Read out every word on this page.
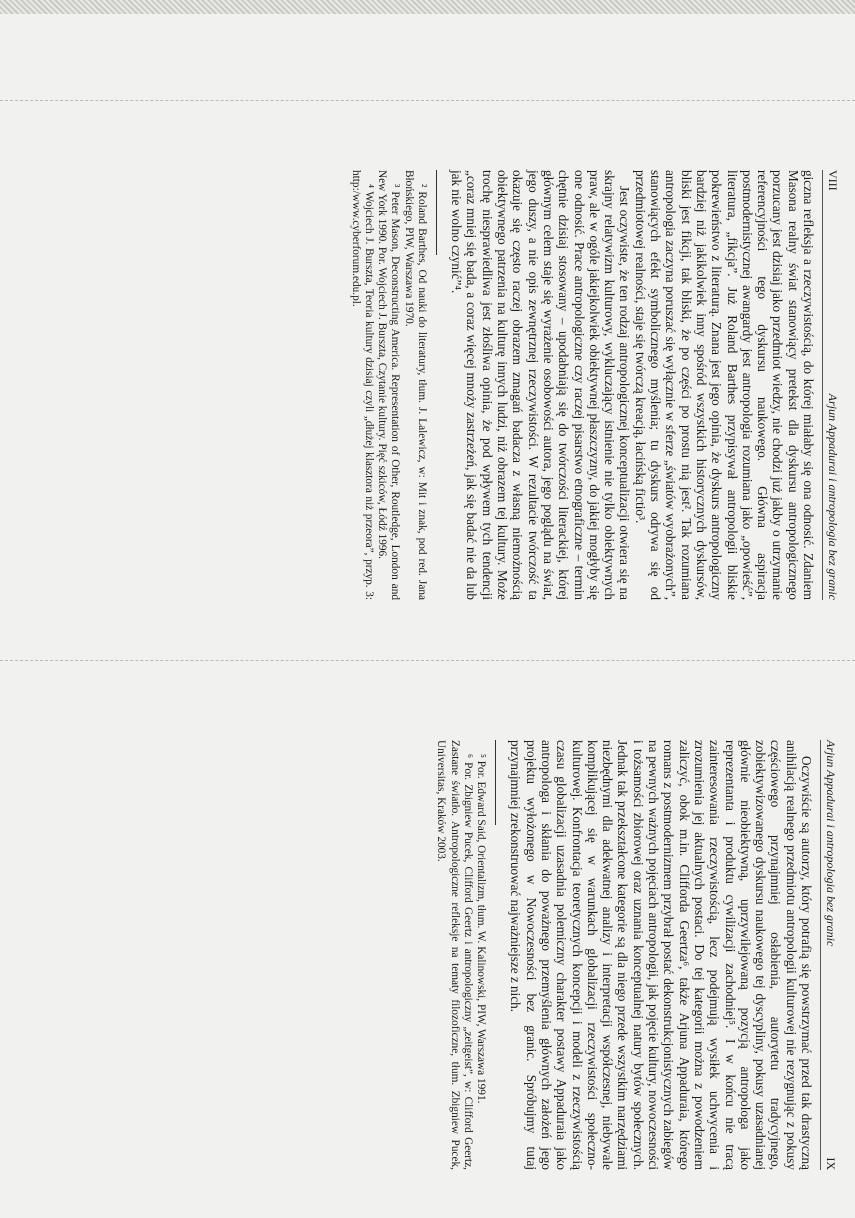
VIII
Arjun Appadurai i antropologia bez granic

giczna refleksja a rzeczywistością, do której miałaby się ona odnosić. Zdaniem Masona realny świat stanowiący pretekst dla dyskursu antropologicznego porzucany jest dzisiaj jako przedmiot wiedzy, nie chodzi już jakby o utrzymanie referencyjności tego dyskursu naukowego. Główna aspiracja postmodernistycznej awangardy jest antropologia rozumiana jako „opowieść”, literatura, „fikcja”. Już Roland Barthes przypisywał antropologii bliskie pokrewieństwo z literaturą. Znana jest jego opinia, że dyskurs antropologiczny bardziej niż jakikolwiek inny spośród wszystkich historycznych dyskursów, bliski jest fikcji, tak bliski, że po części po prostu nią jest². Tak rozumiana antropologia zaczyna poruszać się wyłącznie w sferze „światów wyobrażonych”, stanowiących efekt symbolicznego myślenia; tu dyskurs odrywa się od przedmiotowej realności, staje się twórczą kreacją, łacińską fictio³.

Jest oczywiste, że ten rodzaj antropologicznej konceptualizacji otwiera się na skrajny relatywizm kulturowy, wykluczający istnienie nie tylko obiektywnych praw, ale w ogóle jakiejkolwiek obiektywnej płaszczyzny, do jakiej mogłyby się one odnosić. Prace antropologiczne czy raczej pisarstwo etnograficzne – termin chętnie dzisiaj stosowany – upodabniają się do twórczości literackiej, której głównym celem staje się wyrażenie osobowości autora, jego poglądu na świat, jego duszy, a nie opis zewnętrznej rzeczywistości. W rezultacie twórczość ta okazuje się często raczej obrazem zmagań badacza z własną niemożnością obiektywnego patrzenia na kulturę innych ludzi, niż obrazem tej kultury. Może trochę niesprawiedliwa jest złośliwa opinia, że pod wpływem tych tendencji „coraz mniej się bada, a coraz więcej mnoży zastrzeżeń, jak się badać nie da lub jak nie wolno czynić”⁴.

² Roland Barthes, Od nauki do literatury, tłum. J. Lalewicz, w: Mit i znak, pod red. Jana Błońskiego, PIW, Warszawa 1970.

³ Peter Mason, Deconstructing America. Representation of Other, Routledge, London and New York 1990. Por. Wojciech J. Burszta, Czytanie kultury. Pięć szkiców, Łódź 1996.

⁴ Wojciech J. Burszta, Teoria kultury dzisiaj czyli „dłużej klasztora niż przeora”, przyp. 3: http:/www.cyberforum.edu.pl.

Arjun Appadurai i antropologia bez granic
IX

Oczywiście są autorzy, który potrafią się powstrzymać przed tak drastyczną anihilacją realnego przedmiotu antropologii kulturowej nie rezygnując z pokusy częściowego przynajmniej osłabienia, autorytetu tradycyjnego, zobiektywizowanego dyskursu naukowego tej dyscypliny, pokusy uzasadnianej głównie nieobiektywną, uprzywilejowaną pozycją antropologa jako reprezentanta i produktu cywilizacji zachodniej⁵. I w końcu nie tracą zainteresowania rzeczywistością, lecz podejmują wysiłek uchwycenia i zrozumienia jej aktualnych postaci. Do tej kategorii można z powodzeniem zaliczyć, obok m.in. Clifforda Geertza⁶, także Arjuna Appaduraia, którego romans z postmodernizmem przybrał postać dekonstrukcjonistycznych zabiegów na pewnych ważnych pojęciach antropologii, jak pojęcie kultury, nowoczesności i tożsamości zbiorowej oraz uznania konceptualnej natury bytów społecznych. Jednak tak przekształcone kategorie są dla niego przede wszystkim narzędziami niezbędnymi dla adekwatnej analizy i interpretacji współczesnej, niebywale komplikującej się w warunkach globalizacji rzeczywistości społeczno-kulturowej. Konfrontacja teoretycznych koncepcji i modeli z rzeczywistością czasu globalizacji uzasadnia polemiczny charakter postawy Appaduraia jako antropologa i skłania do poważnego przemyślenia głównych założeń jego projektu wyłożonego w Nowoczesności bez granic. Spróbujmy tutaj przynajmniej zrekonstruować najważniejsze z nich.

⁵ Por. Edward Said, Orientalizm, tłum. W. Kalinowski, PIW, Warszawa 1991.

⁶ Por. Zbigniew Pucek, Clifford Geertz i antropologiczny „zeitgeist”, w: Clifford Geertz, Zastane światło. Antropologiczne refleksje na tematy filozoficzne, tłum. Zbigniew Pucek, Universitas, Kraków 2003.
